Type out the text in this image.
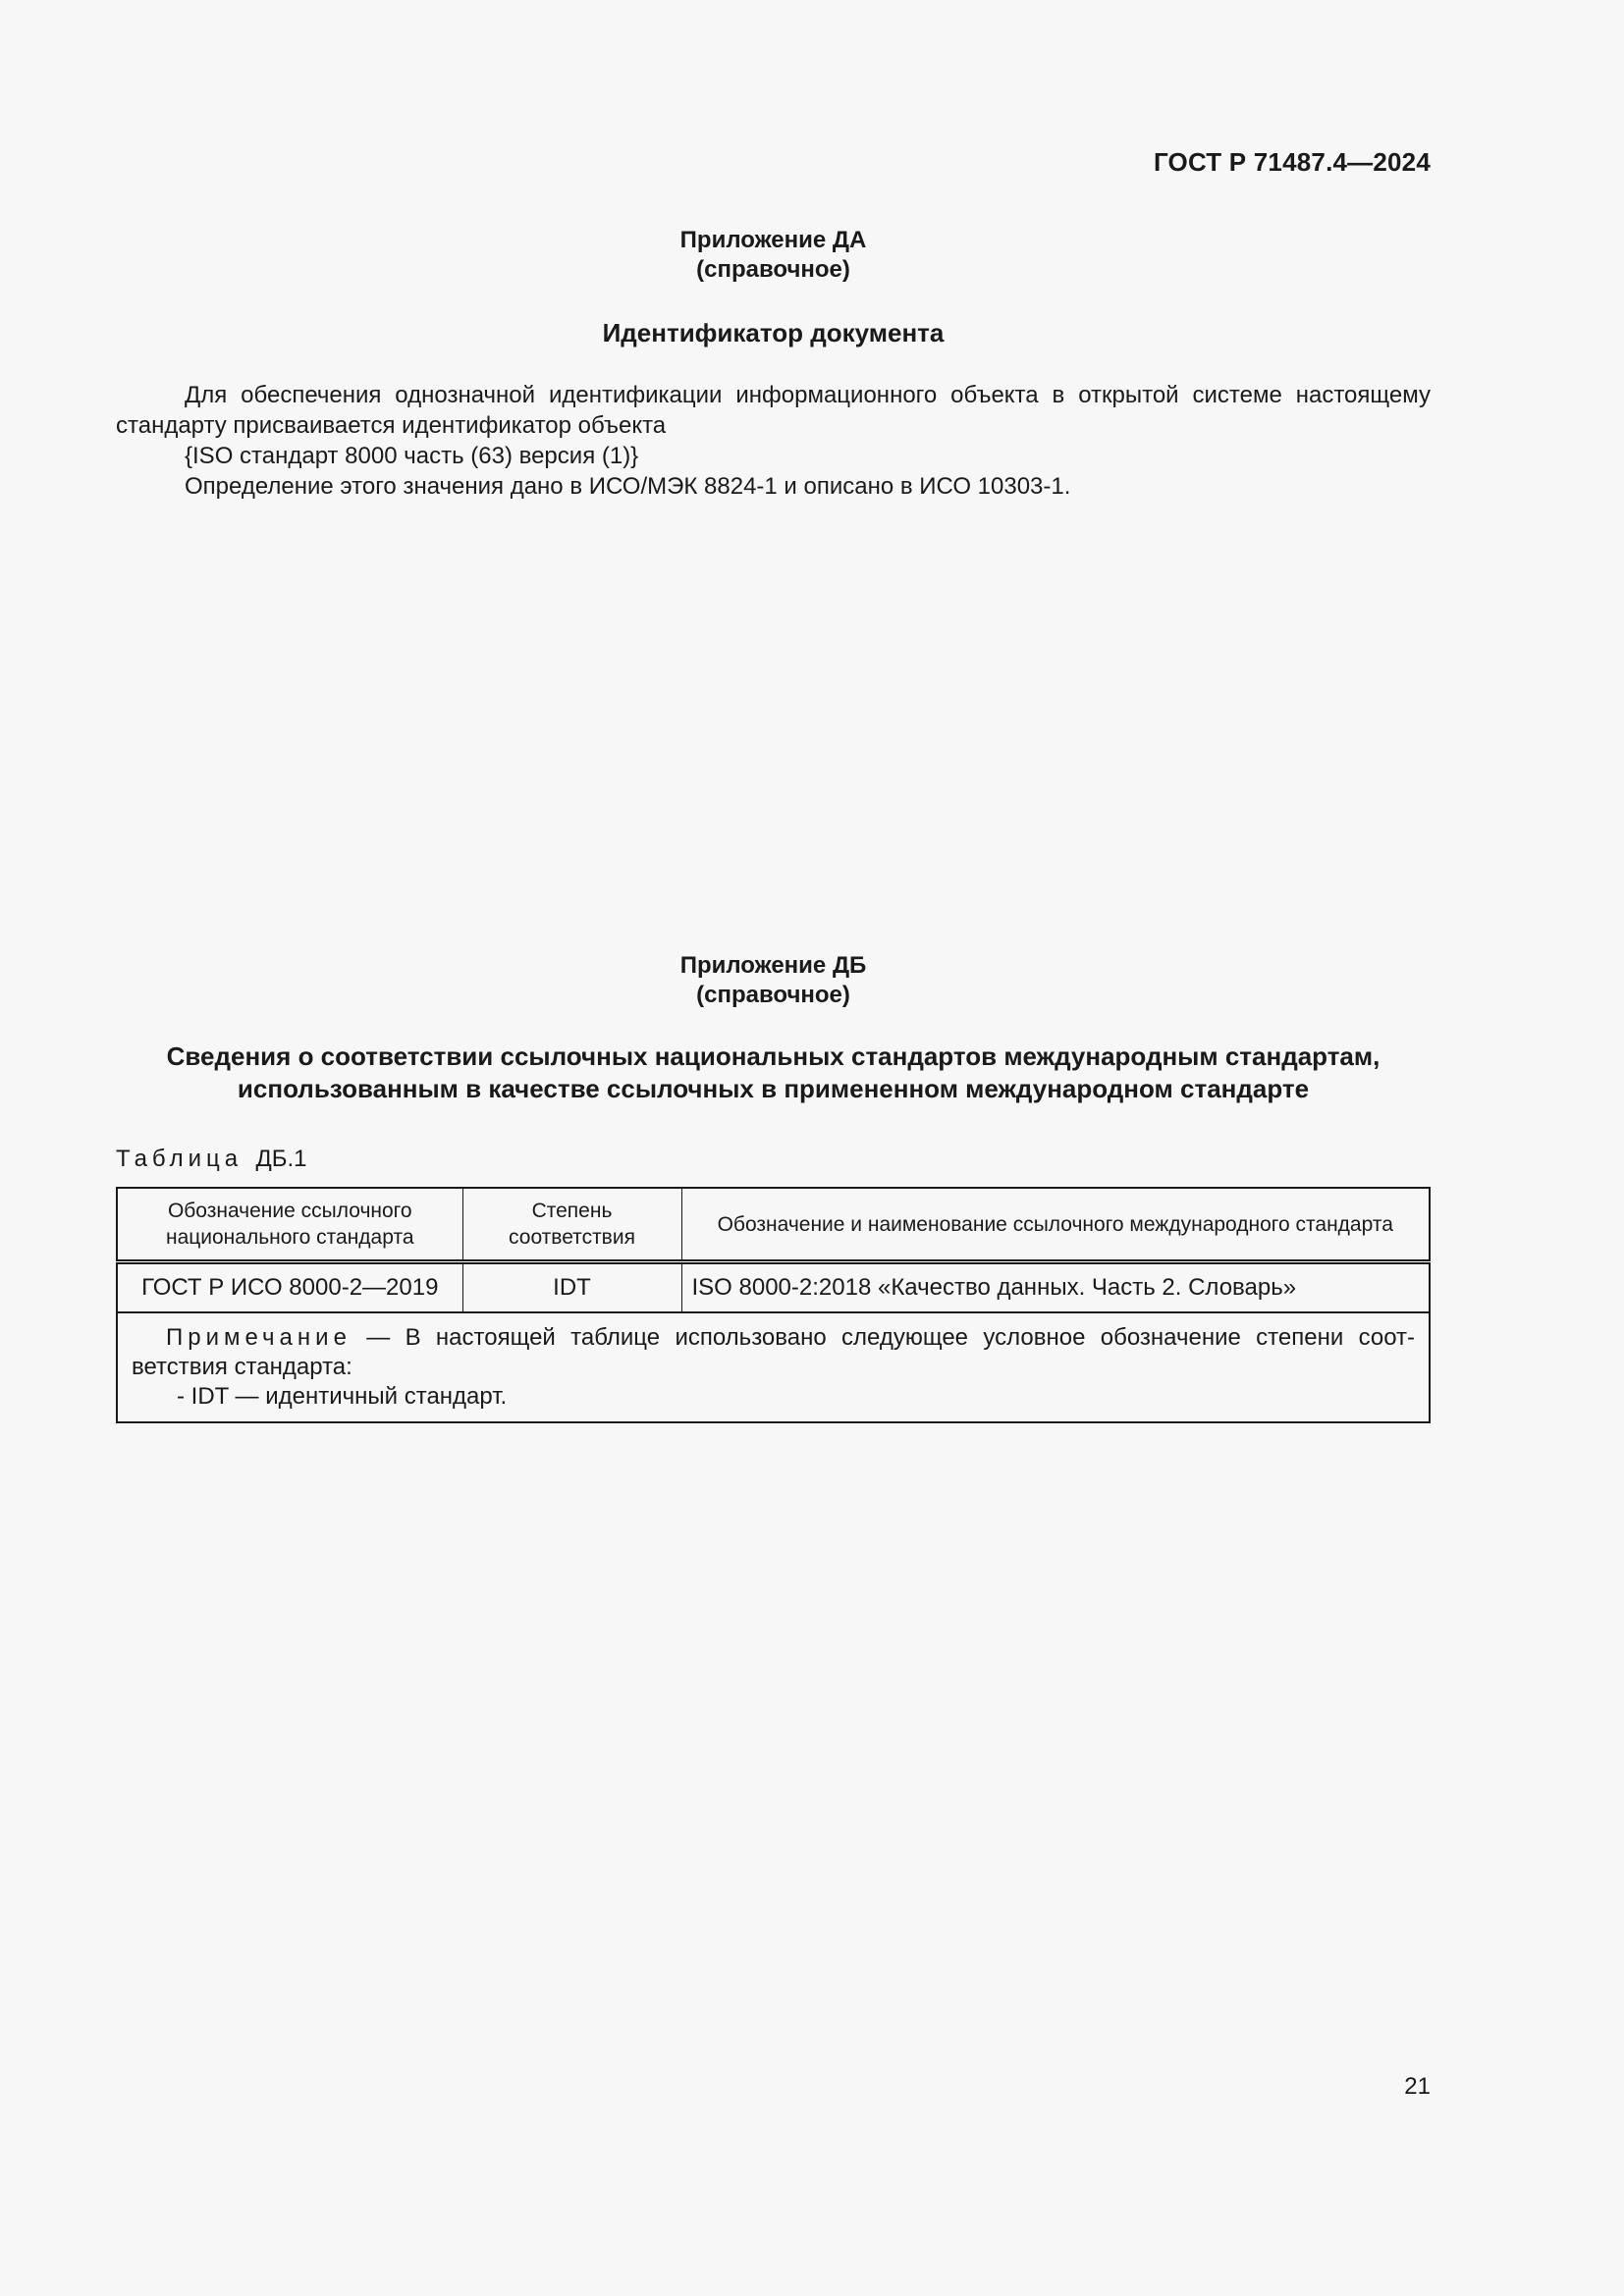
ГОСТ Р 71487.4—2024
Приложение ДА
(справочное)
Идентификатор документа

Для обеспечения однозначной идентификации информационного объекта в открытой системе настоящему стандарту присваивается идентификатор объекта

{ISO стандарт 8000 часть (63) версия (1)}

Определение этого значения дано в ИСО/МЭК 8824-1 и описано в ИСО 10303-1.

Приложение ДБ
(справочное)
Сведения о соответствии ссылочных национальных стандартов международным стандартам,
использованным в качестве ссылочных в примененном международном стандарте
Таблица ДБ.1
Обозначение ссылочного национального стандарта	Степень соответствия	Обозначение и наименование ссылочного международного стандарта
ГОСТ Р ИСО 8000-2—2019	IDT	ISO 8000-2:2018 «Качество данных. Часть 2. Словарь»

Примечание — В настоящей таблице использовано следующее условное обозначение степени соответствия стандарта:
- IDT — идентичный стандарт.		
21
